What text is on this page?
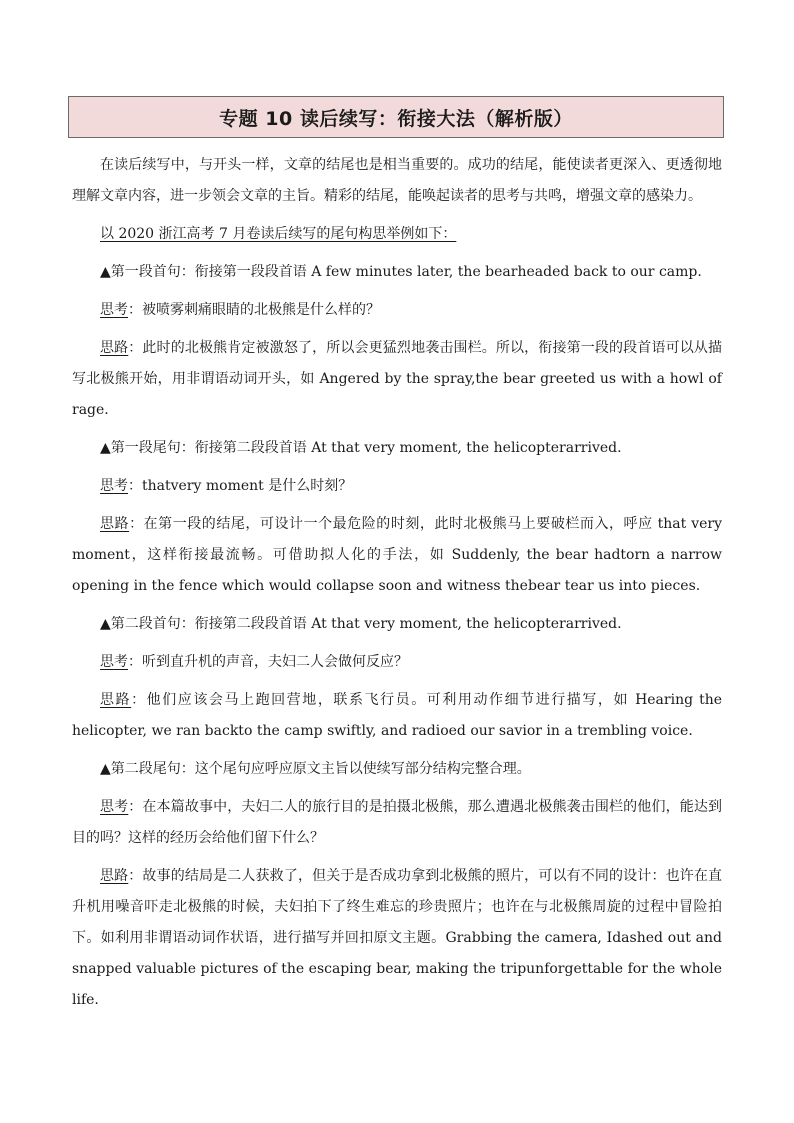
专题 10 读后续写：衔接大法（解析版）

在读后续写中，与开头一样，文章的结尾也是相当重要的。成功的结尾，能使读者更深入、更透彻地理解文章内容，进一步领会文章的主旨。精彩的结尾，能唤起读者的思考与共鸣，增强文章的感染力。

以 2020 浙江高考 7 月卷读后续写的尾句构思举例如下：

▲第一段首句：衔接第一段段首语 A few minutes later, the bearheaded back to our camp.

思考：被喷雾刺痛眼睛的北极熊是什么样的？

思路：此时的北极熊肯定被激怒了，所以会更猛烈地袭击围栏。所以，衔接第一段的段首语可以从描写北极熊开始，用非谓语动词开头，如 Angered by the spray,the bear greeted us with a howl of rage.

▲第一段尾句：衔接第二段段首语 At that very moment, the helicopterarrived.

思考：thatvery moment 是什么时刻？

思路：在第一段的结尾，可设计一个最危险的时刻，此时北极熊马上要破栏而入，呼应 that very moment，这样衔接最流畅。可借助拟人化的手法，如 Suddenly, the bear hadtorn a narrow opening in the fence which would collapse soon and witness thebear tear us into pieces.

▲第二段首句：衔接第二段段首语 At that very moment, the helicopterarrived.

思考：听到直升机的声音，夫妇二人会做何反应？

思路：他们应该会马上跑回营地，联系飞行员。可利用动作细节进行描写，如 Hearing the helicopter, we ran backto the camp swiftly, and radioed our savior in a trembling voice.

▲第二段尾句：这个尾句应呼应原文主旨以使续写部分结构完整合理。

思考：在本篇故事中，夫妇二人的旅行目的是拍摄北极熊，那么遭遇北极熊袭击围栏的他们，能达到目的吗？这样的经历会给他们留下什么？

思路：故事的结局是二人获救了，但关于是否成功拿到北极熊的照片，可以有不同的设计：也许在直升机用噪音吓走北极熊的时候，夫妇拍下了终生难忘的珍贵照片；也许在与北极熊周旋的过程中冒险拍下。如利用非谓语动词作状语，进行描写并回扣原文主题。Grabbing the camera, Idashed out and snapped valuable pictures of the escaping bear, making the tripunforgettable for the whole life.
